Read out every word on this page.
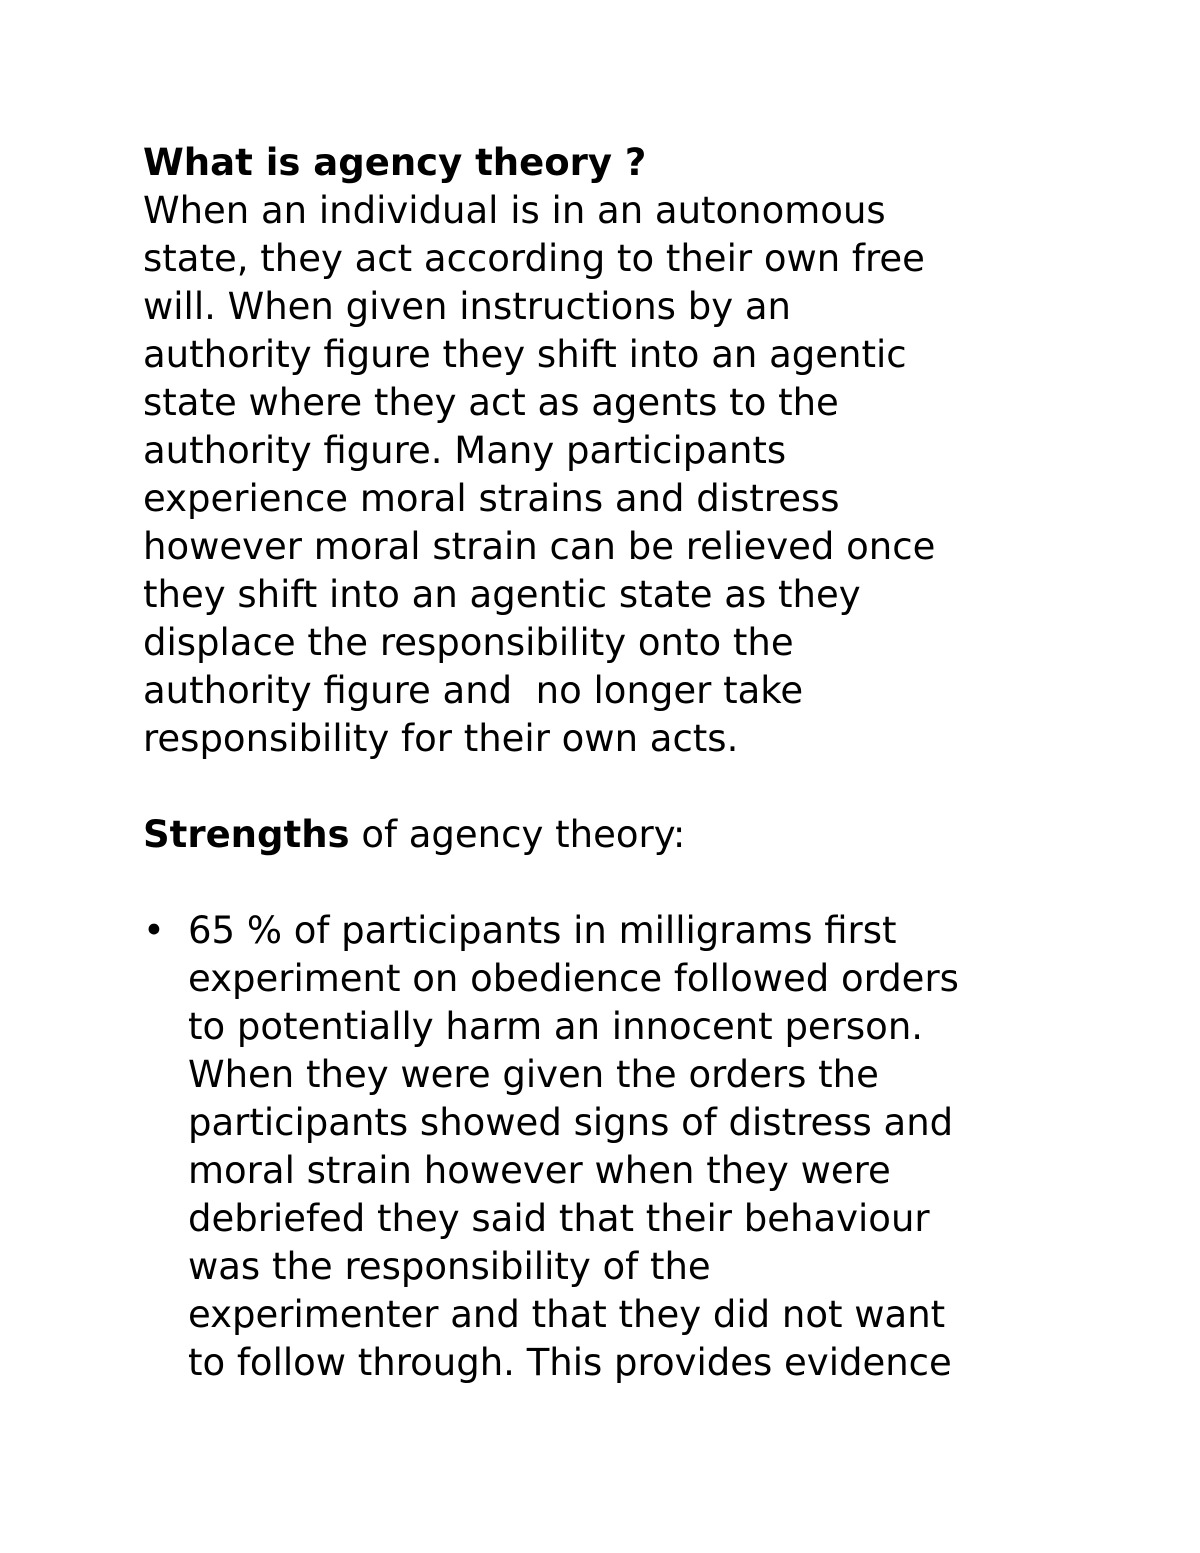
What is agency theory ?
When an individual is in an autonomous
state, they act according to their own free
will. When given instructions by an
authority figure they shift into an agentic
state where they act as agents to the
authority figure. Many participants
experience moral strains and distress
however moral strain can be relieved once
they shift into an agentic state as they
displace the responsibility onto the
authority figure and  no longer take
responsibility for their own acts.
Strengths of agency theory:
• 65 % of participants in milligrams first
experiment on obedience followed orders
to potentially harm an innocent person.
When they were given the orders the
participants showed signs of distress and
moral strain however when they were
debriefed they said that their behaviour
was the responsibility of the
experimenter and that they did not want
to follow through. This provides evidence
